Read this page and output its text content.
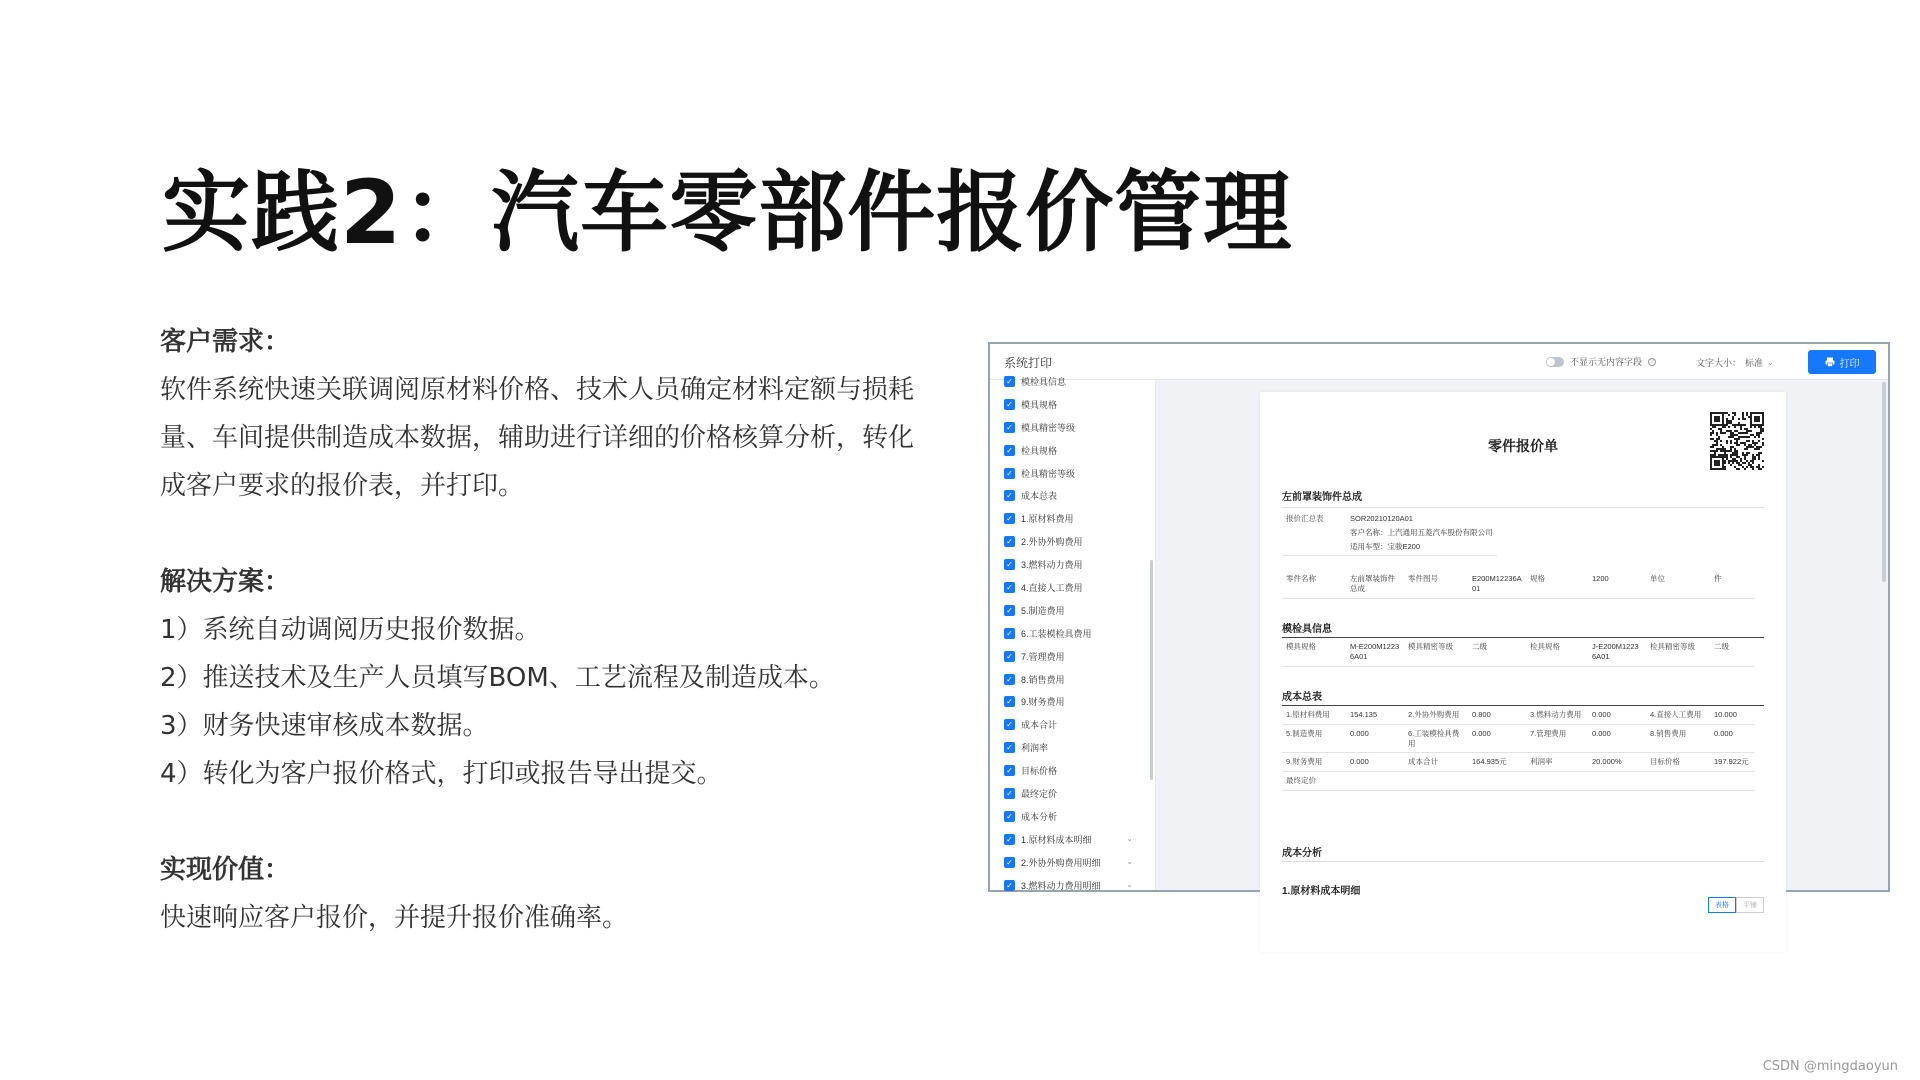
实践2：汽车零部件报价管理
客户需求：
软件系统快速关联调阅原材料价格、技术人员确定材料定额与损耗
量、车间提供制造成本数据，辅助进行详细的价格核算分析，转化
成客户要求的报价表，并打印。
解决方案：
1）系统自动调阅历史报价数据。
2）推送技术及生产人员填写BOM、工艺流程及制造成本。
3）财务快速审核成本数据。
4）转化为客户报价格式，打印或报告导出提交。
实现价值：
快速响应客户报价，并提升报价准确率。
系统打印	不显示无内容字段	?	文字大小： 标准 ⌄	打印
✓ 模检具信息
✓ 模具规格
✓ 模具精密等级
✓ 检具规格
✓ 检具精密等级
✓ 成本总表
✓ 1.原材料费用
✓ 2.外协外购费用
✓ 3.燃料动力费用
✓ 4.直接人工费用
✓ 5.制造费用
✓ 6.工装模检具费用
✓ 7.管理费用
✓ 8.销售费用
✓ 9.财务费用
✓ 成本合计
✓ 利润率
✓ 目标价格
✓ 最终定价
✓ 成本分析
✓ 1.原材料成本明细	⌄
✓ 2.外协外购费用明细	⌄
✓ 3.燃料动力费用明细	⌄
零件报价单
左前罩装饰件总成
报价汇总表	SOR20210120A01
客户名称：上汽通用五菱汽车股份有限公司
适用车型：宝骏E200
零件名称	左前罩装饰件总成	零件图号	E200M12236A01	规格	1200	单位	件
模检具信息
模具规格	M-E200M12236A01	模具精密等级	二级	检具规格	J-E200M12236A01	检具精密等级	二级
成本总表
1.原材料费用	154.135	2.外协外购费用	0.800	3.燃料动力费用	0.000	4.直接人工费用	10.000
5.制造费用	0.000	6.工装模检具费用	0.000	7.管理费用	0.000	8.销售费用	0.000
9.财务费用	0.000	成本合计	164.935元	利润率	20.000%	目标价格	197.922元
最终定价							
成本分析
1.原材料成本明细
表格	平铺
CSDN @mingdaoyun
